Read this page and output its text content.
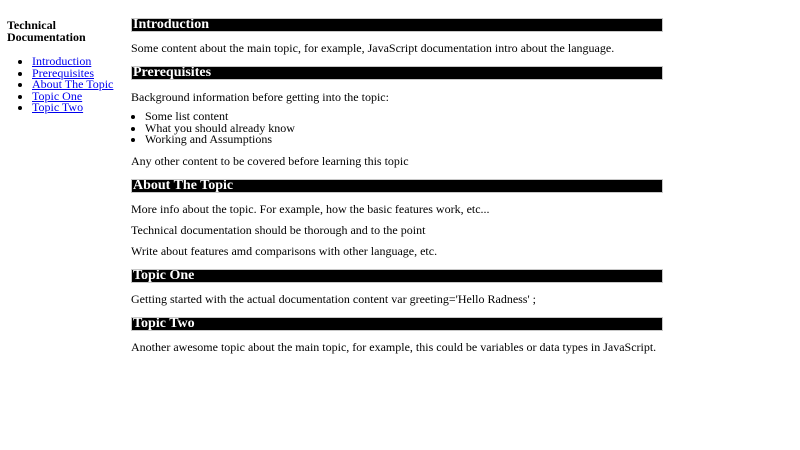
Technical Documentation
• Introduction
• Prerequisites
• About The Topic
• Topic One
• Topic Two
Introduction

Some content about the main topic, for example, JavaScript documentation intro about the language.

Prerequisites

Background information before getting into the topic:

• Some list content
• What you should already know
• Working and Assumptions

Any other content to be covered before learning this topic

About The Topic

More info about the topic. For example, how the basic features work, etc...

Technical documentation should be thorough and to the point

Write about features amd comparisons with other language, etc.

Topic One

Getting started with the actual documentation content var greeting='Hello Radness' ;

Topic Two

Another awesome topic about the main topic, for example, this could be variables or data types in JavaScript.
